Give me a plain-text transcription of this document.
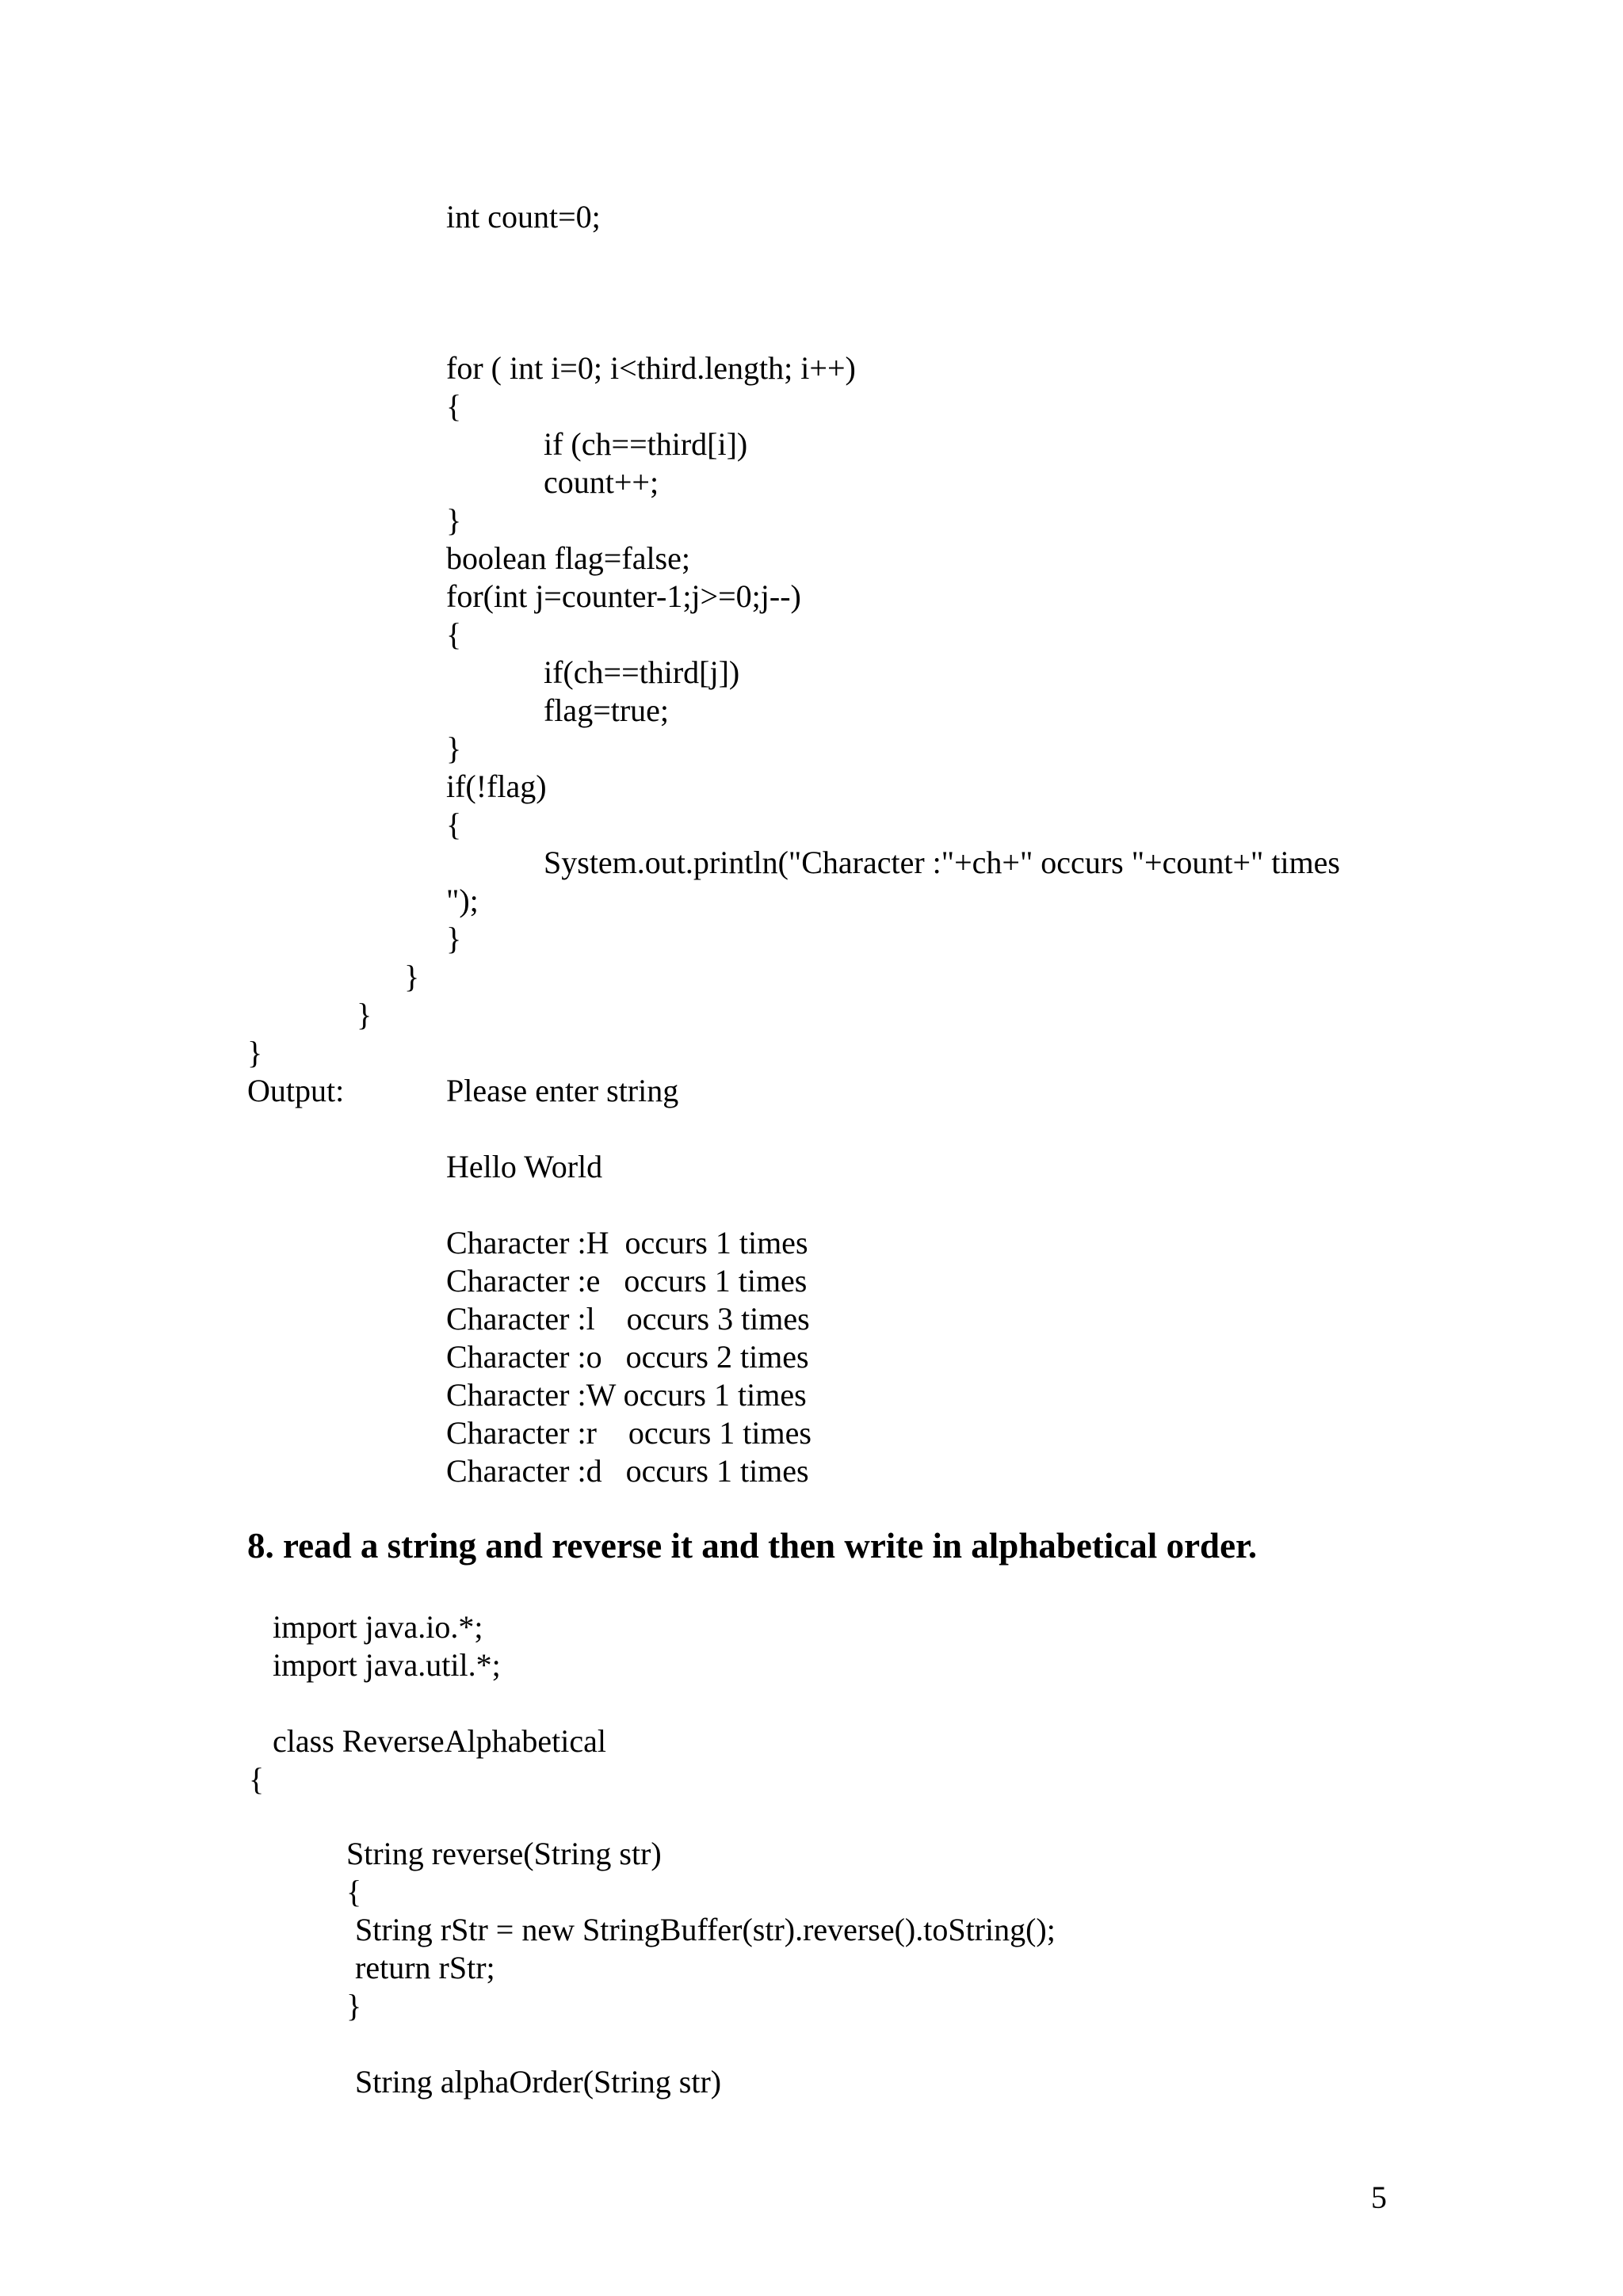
int count=0;
for ( int i=0; i<third.length; i++)
{
if (ch==third[i])
count++;
}
boolean flag=false;
for(int j=counter-1;j>=0;j--)
{
if(ch==third[j])
flag=true;
}
if(!flag)
{
System.out.println("Character :"+ch+" occurs "+count+" times
");
}
}
}
}
Output:	Please enter string
Hello World
Character :H  occurs 1 times
Character :e   occurs 1 times
Character :l    occurs 3 times
Character :o   occurs 2 times
Character :W occurs 1 times
Character :r    occurs 1 times
Character :d   occurs 1 times
8. read a string and reverse it and then write in alphabetical order.
import java.io.*;
import java.util.*;
class ReverseAlphabetical
{
String reverse(String str)
{
String rStr = new StringBuffer(str).reverse().toString();
return rStr;
}
String alphaOrder(String str)
5
